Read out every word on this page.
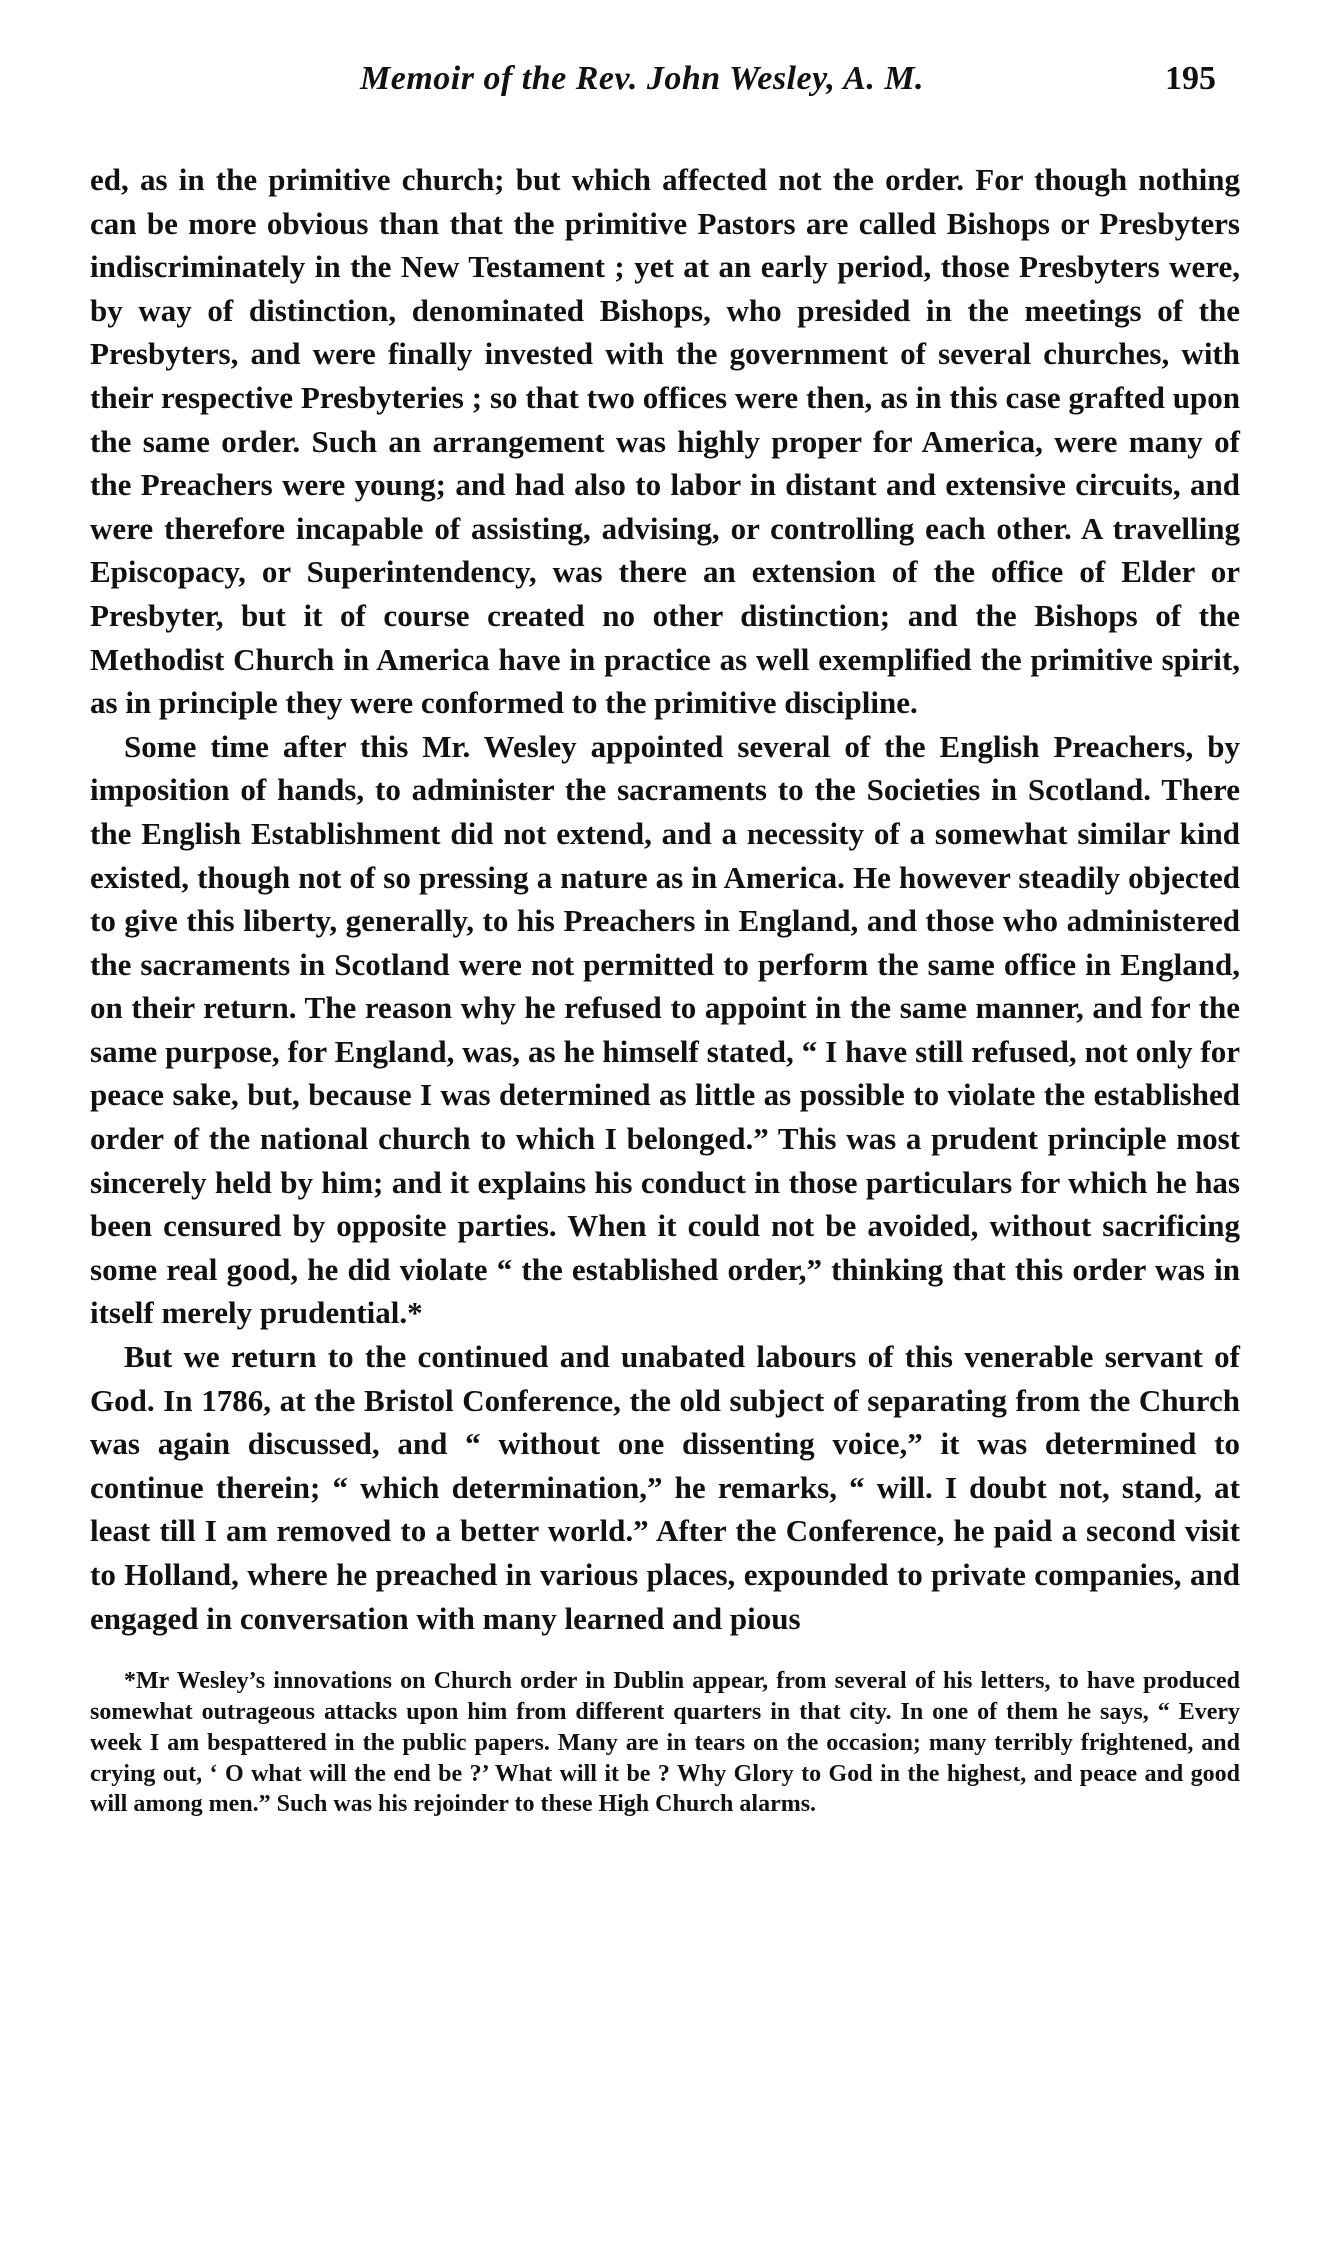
Memoir of the Rev. John Wesley, A. M.	195

ed, as in the primitive church; but which affected not the order. For though nothing can be more obvious than that the primitive Pastors are called Bishops or Presbyters indiscriminately in the New Testament ; yet at an early period, those Presbyters were, by way of distinction, denominated Bishops, who presided in the meetings of the Presbyters, and were finally invested with the government of several churches, with their respective Presbyteries ; so that two offices were then, as in this case grafted upon the same order. Such an arrangement was highly proper for America, were many of the Preachers were young; and had also to labor in distant and extensive circuits, and were therefore incapable of assisting, advising, or controlling each other. A travelling Episcopacy, or Superintendency, was there an extension of the office of Elder or Presbyter, but it of course created no other distinction; and the Bishops of the Methodist Church in America have in practice as well exemplified the primitive spirit, as in principle they were conformed to the primitive discipline.

Some time after this Mr. Wesley appointed several of the English Preachers, by imposition of hands, to administer the sacraments to the Societies in Scotland. There the English Establishment did not extend, and a necessity of a somewhat similar kind existed, though not of so pressing a nature as in America. He however steadily objected to give this liberty, generally, to his Preachers in England, and those who administered the sacraments in Scotland were not permitted to perform the same office in England, on their return. The reason why he refused to appoint in the same manner, and for the same purpose, for England, was, as he himself stated, “ I have still refused, not only for peace sake, but, because I was determined as little as possible to violate the established order of the national church to which I belonged.” This was a prudent principle most sincerely held by him; and it explains his conduct in those particulars for which he has been censured by opposite parties. When it could not be avoided, without sacrificing some real good, he did violate “ the established order,” thinking that this order was in itself merely prudential.*

But we return to the continued and unabated labours of this venerable servant of God. In 1786, at the Bristol Conference, the old subject of separating from the Church was again discussed, and “ without one dissenting voice,” it was determined to continue therein; “ which determination,” he remarks, “ will. I doubt not, stand, at least till I am removed to a better world.” After the Conference, he paid a second visit to Holland, where he preached in various places, expounded to private companies, and engaged in conversation with many learned and pious

*Mr Wesley’s innovations on Church order in Dublin appear, from several of his letters, to have produced somewhat outrageous attacks upon him from different quarters in that city. In one of them he says, “ Every week I am bespattered in the public papers. Many are in tears on the occasion; many terribly frightened, and crying out, ‘ O what will the end be ?’ What will it be ? Why Glory to God in the highest, and peace and good will among men.” Such was his rejoinder to these High Church alarms.
